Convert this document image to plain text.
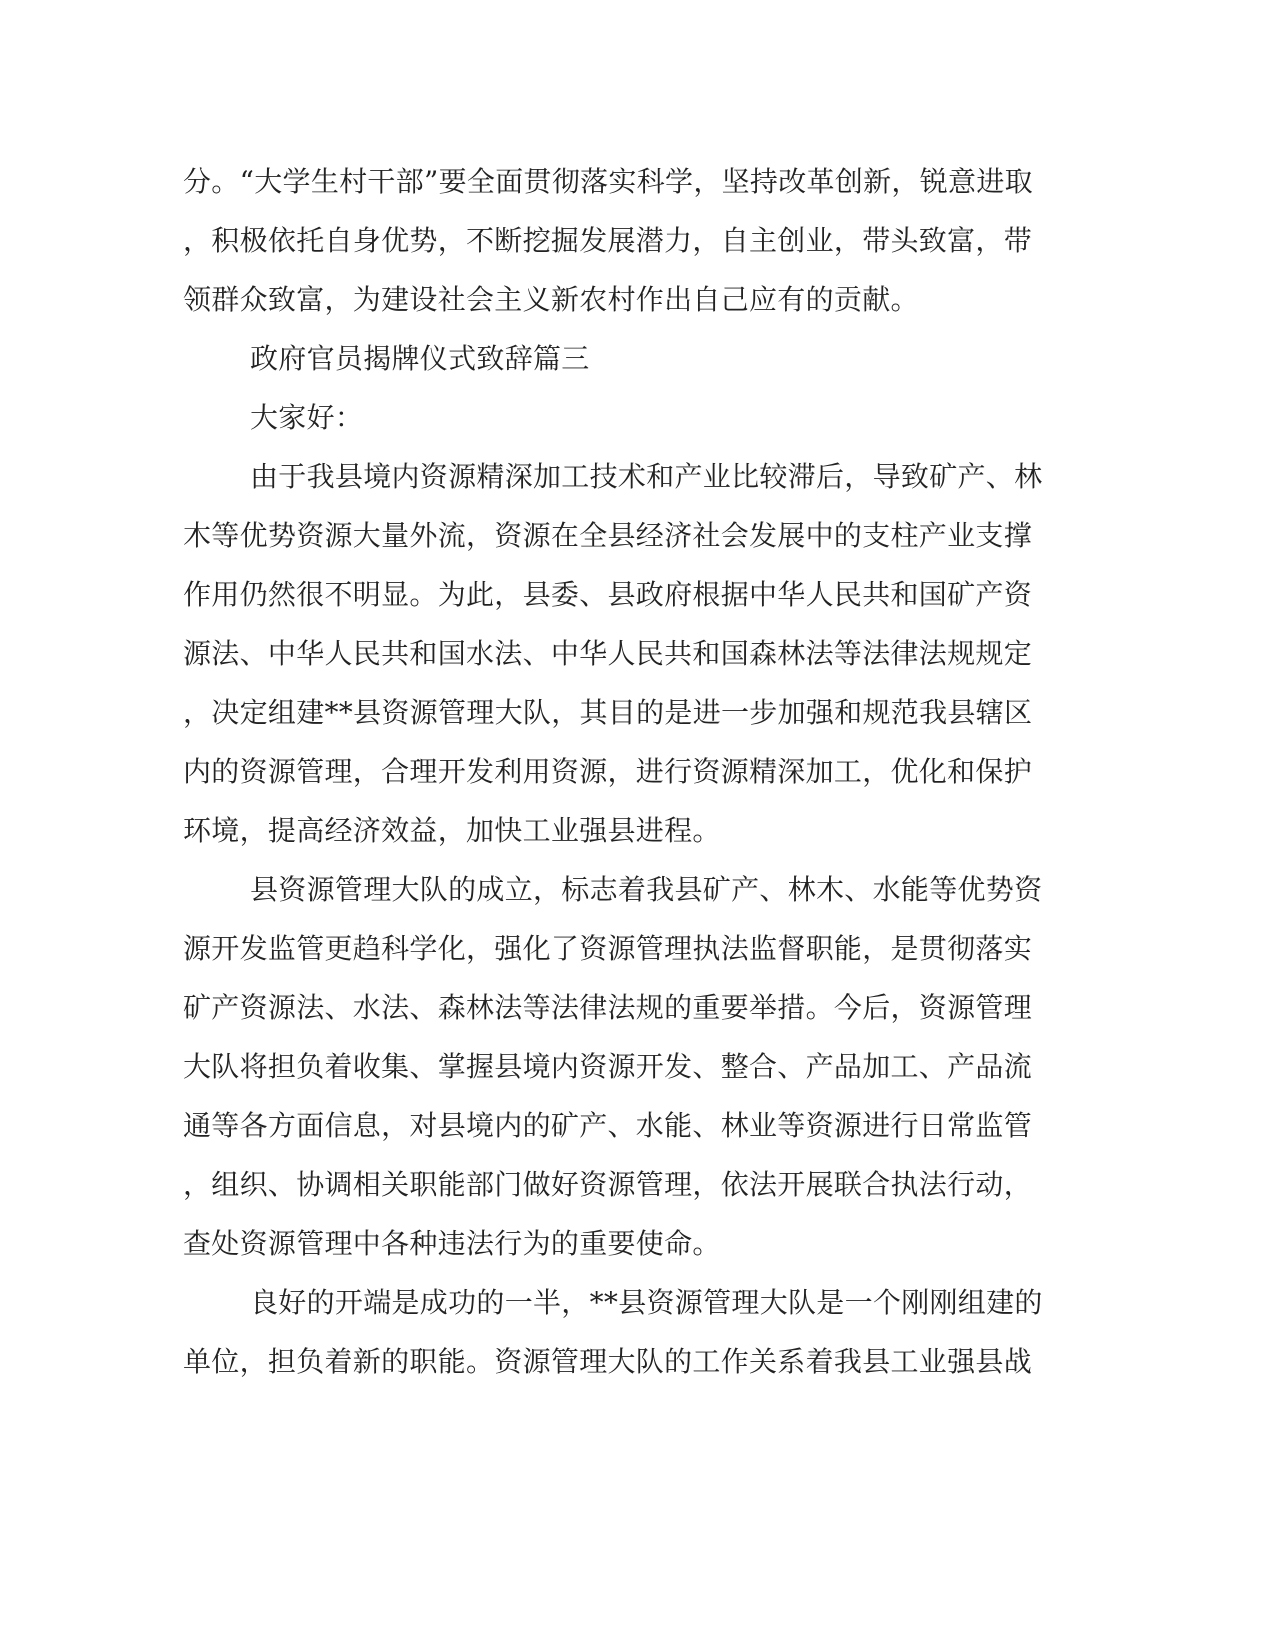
分。“大学生村干部”要全面贯彻落实科学，坚持改革创新，锐意进取
，积极依托自身优势，不断挖掘发展潜力，自主创业，带头致富，带
领群众致富，为建设社会主义新农村作出自己应有的贡献。
政府官员揭牌仪式致辞篇三
大家好：
由于我县境内资源精深加工技术和产业比较滞后，导致矿产、林
木等优势资源大量外流，资源在全县经济社会发展中的支柱产业支撑
作用仍然很不明显。为此，县委、县政府根据中华人民共和国矿产资
源法、中华人民共和国水法、中华人民共和国森林法等法律法规规定
，决定组建**县资源管理大队，其目的是进一步加强和规范我县辖区
内的资源管理，合理开发利用资源，进行资源精深加工，优化和保护
环境，提高经济效益，加快工业强县进程。
县资源管理大队的成立，标志着我县矿产、林木、水能等优势资
源开发监管更趋科学化，强化了资源管理执法监督职能，是贯彻落实
矿产资源法、水法、森林法等法律法规的重要举措。今后，资源管理
大队将担负着收集、掌握县境内资源开发、整合、产品加工、产品流
通等各方面信息，对县境内的矿产、水能、林业等资源进行日常监管
，组织、协调相关职能部门做好资源管理，依法开展联合执法行动，
查处资源管理中各种违法行为的重要使命。
良好的开端是成功的一半，**县资源管理大队是一个刚刚组建的
单位，担负着新的职能。资源管理大队的工作关系着我县工业强县战
